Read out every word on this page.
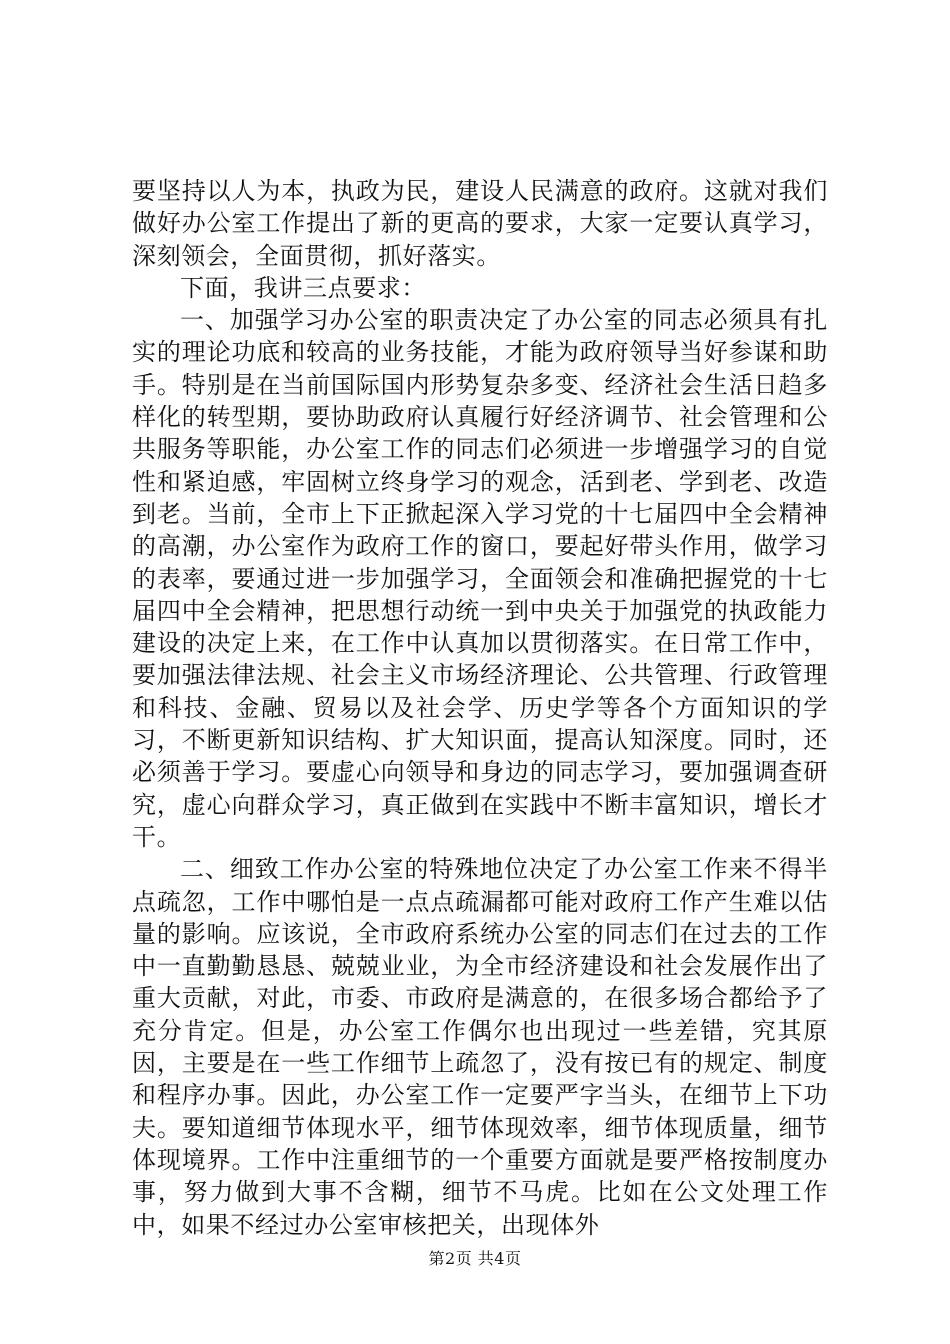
要坚持以人为本，执政为民，建设人民满意的政府。这就对我们做好办公室工作提出了新的更高的要求，大家一定要认真学习，深刻领会，全面贯彻，抓好落实。

下面，我讲三点要求：

一、加强学习办公室的职责决定了办公室的同志必须具有扎实的理论功底和较高的业务技能，才能为政府领导当好参谋和助手。特别是在当前国际国内形势复杂多变、经济社会生活日趋多样化的转型期，要协助政府认真履行好经济调节、社会管理和公共服务等职能，办公室工作的同志们必须进一步增强学习的自觉性和紧迫感，牢固树立终身学习的观念，活到老、学到老、改造到老。当前，全市上下正掀起深入学习党的十七届四中全会精神的高潮，办公室作为政府工作的窗口，要起好带头作用，做学习的表率，要通过进一步加强学习，全面领会和准确把握党的十七届四中全会精神，把思想行动统一到中央关于加强党的执政能力建设的决定上来，在工作中认真加以贯彻落实。在日常工作中，要加强法律法规、社会主义市场经济理论、公共管理、行政管理和科技、金融、贸易以及社会学、历史学等各个方面知识的学习，不断更新知识结构、扩大知识面，提高认知深度。同时，还必须善于学习。要虚心向领导和身边的同志学习，要加强调查研究，虚心向群众学习，真正做到在实践中不断丰富知识，增长才干。

二、细致工作办公室的特殊地位决定了办公室工作来不得半点疏忽，工作中哪怕是一点点疏漏都可能对政府工作产生难以估量的影响。应该说，全市政府系统办公室的同志们在过去的工作中一直勤勤恳恳、兢兢业业，为全市经济建设和社会发展作出了重大贡献，对此，市委、市政府是满意的，在很多场合都给予了充分肯定。但是，办公室工作偶尔也出现过一些差错，究其原因，主要是在一些工作细节上疏忽了，没有按已有的规定、制度和程序办事。因此，办公室工作一定要严字当头，在细节上下功夫。要知道细节体现水平，细节体现效率，细节体现质量，细节体现境界。工作中注重细节的一个重要方面就是要严格按制度办事，努力做到大事不含糊，细节不马虎。比如在公文处理工作中，如果不经过办公室审核把关，出现体外

第2页 共4页
